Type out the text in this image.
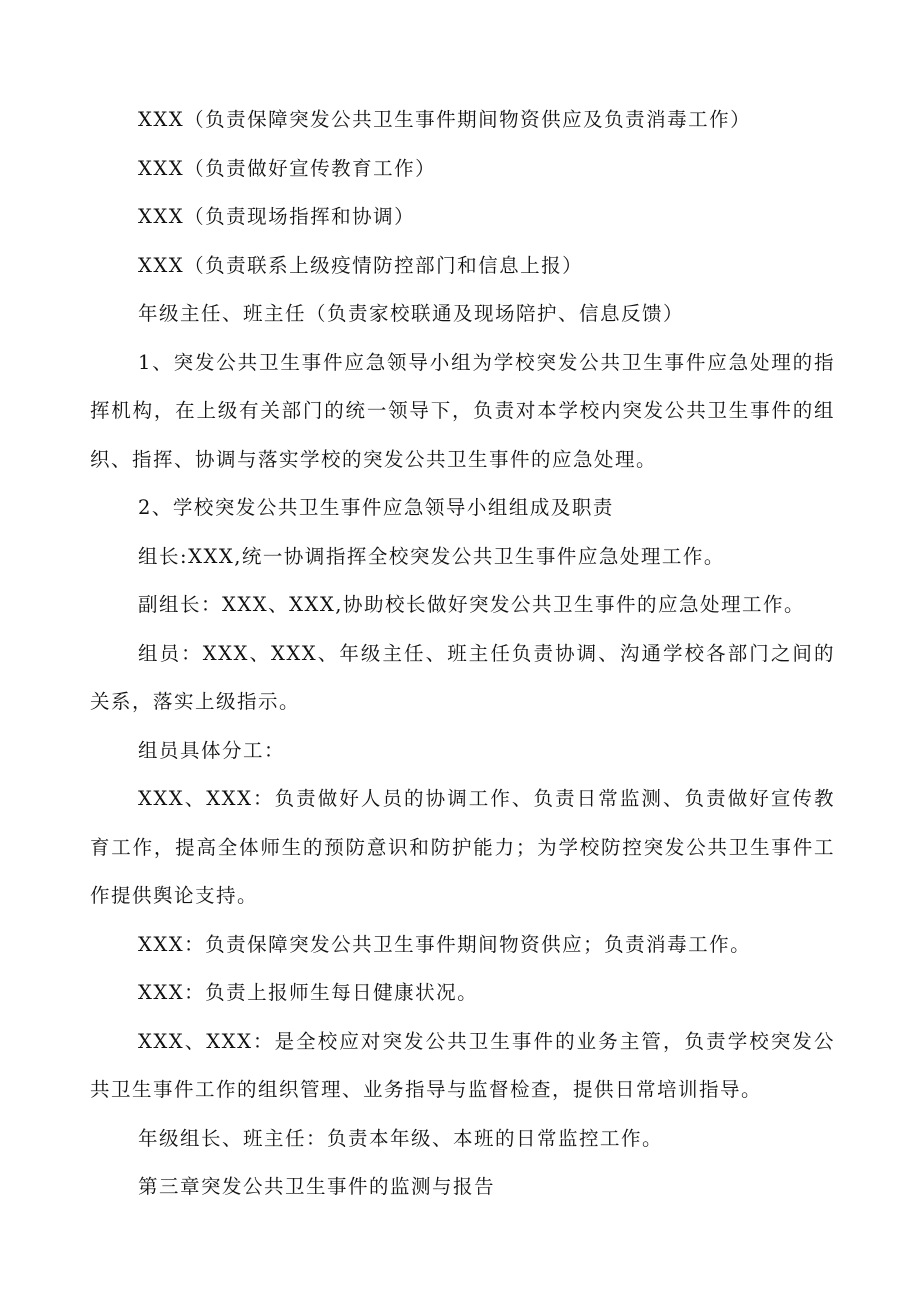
XXX（负责保障突发公共卫生事件期间物资供应及负责消毒工作）

XXX（负责做好宣传教育工作）

XXX（负责现场指挥和协调）

XXX（负责联系上级疫情防控部门和信息上报）

年级主任、班主任（负责家校联通及现场陪护、信息反馈）

1、突发公共卫生事件应急领导小组为学校突发公共卫生事件应急处理的指挥机构，在上级有关部门的统一领导下，负责对本学校内突发公共卫生事件的组织、指挥、协调与落实学校的突发公共卫生事件的应急处理。

2、学校突发公共卫生事件应急领导小组组成及职责

组长:XXX,统一协调指挥全校突发公共卫生事件应急处理工作。

副组长：XXX、XXX,协助校长做好突发公共卫生事件的应急处理工作。

组员：XXX、XXX、年级主任、班主任负责协调、沟通学校各部门之间的关系，落实上级指示。

组员具体分工：

XXX、XXX：负责做好人员的协调工作、负责日常监测、负责做好宣传教育工作，提高全体师生的预防意识和防护能力；为学校防控突发公共卫生事件工作提供舆论支持。

XXX：负责保障突发公共卫生事件期间物资供应；负责消毒工作。

XXX：负责上报师生每日健康状况。

XXX、XXX：是全校应对突发公共卫生事件的业务主管，负责学校突发公共卫生事件工作的组织管理、业务指导与监督检查，提供日常培训指导。

年级组长、班主任：负责本年级、本班的日常监控工作。

第三章突发公共卫生事件的监测与报告
